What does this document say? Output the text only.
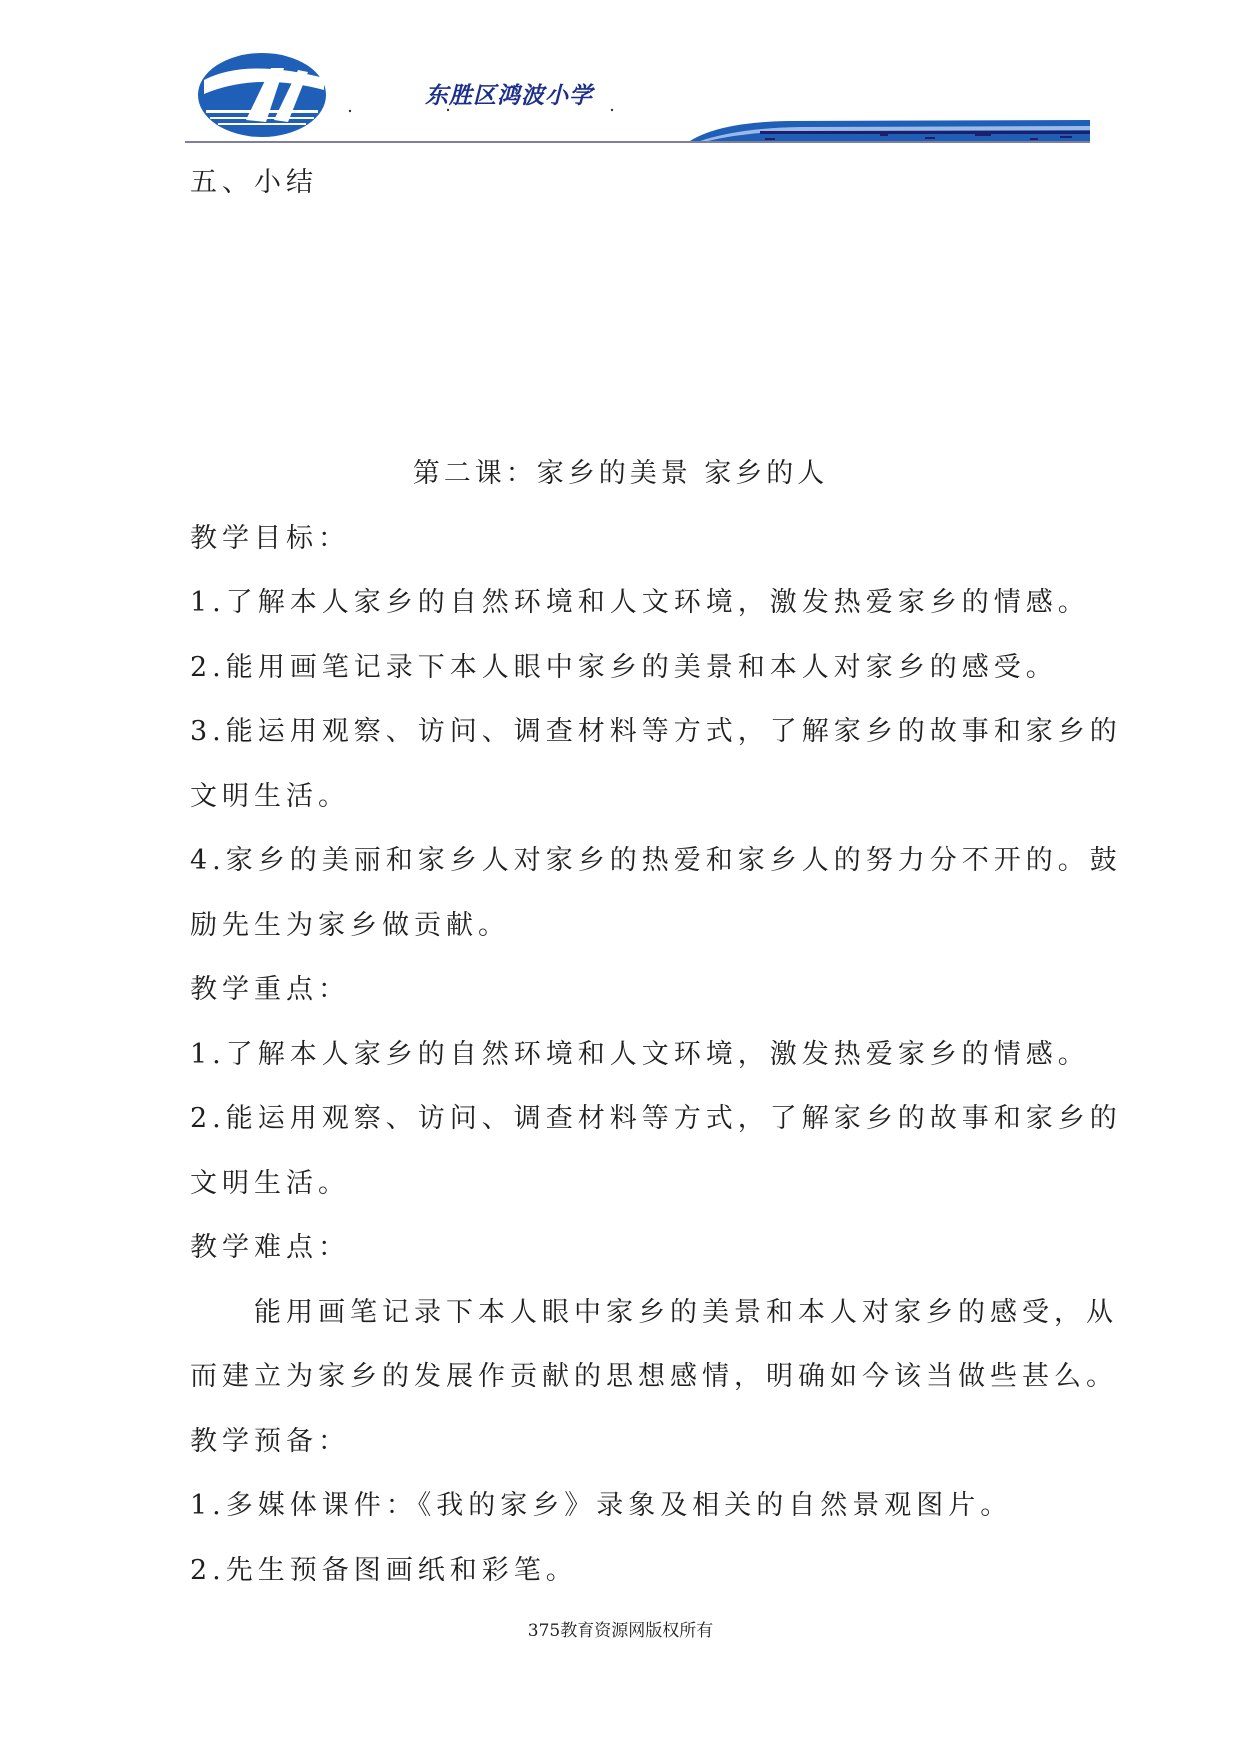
东胜区鸿波小学

五、小结

第二课：家乡的美景 家乡的人

教学目标：

1.了解本人家乡的自然环境和人文环境，激发热爱家乡的情感。

2.能用画笔记录下本人眼中家乡的美景和本人对家乡的感受。

3.能运用观察、访问、调查材料等方式，了解家乡的故事和家乡的

文明生活。

4.家乡的美丽和家乡人对家乡的热爱和家乡人的努力分不开的。鼓

励先生为家乡做贡献。

教学重点：

1.了解本人家乡的自然环境和人文环境，激发热爱家乡的情感。

2.能运用观察、访问、调查材料等方式，了解家乡的故事和家乡的

文明生活。

教学难点：

　　能用画笔记录下本人眼中家乡的美景和本人对家乡的感受，从

而建立为家乡的发展作贡献的思想感情，明确如今该当做些甚么。

教学预备：

1.多媒体课件：《我的家乡》录象及相关的自然景观图片。

2.先生预备图画纸和彩笔。

375教育资源网版权所有
